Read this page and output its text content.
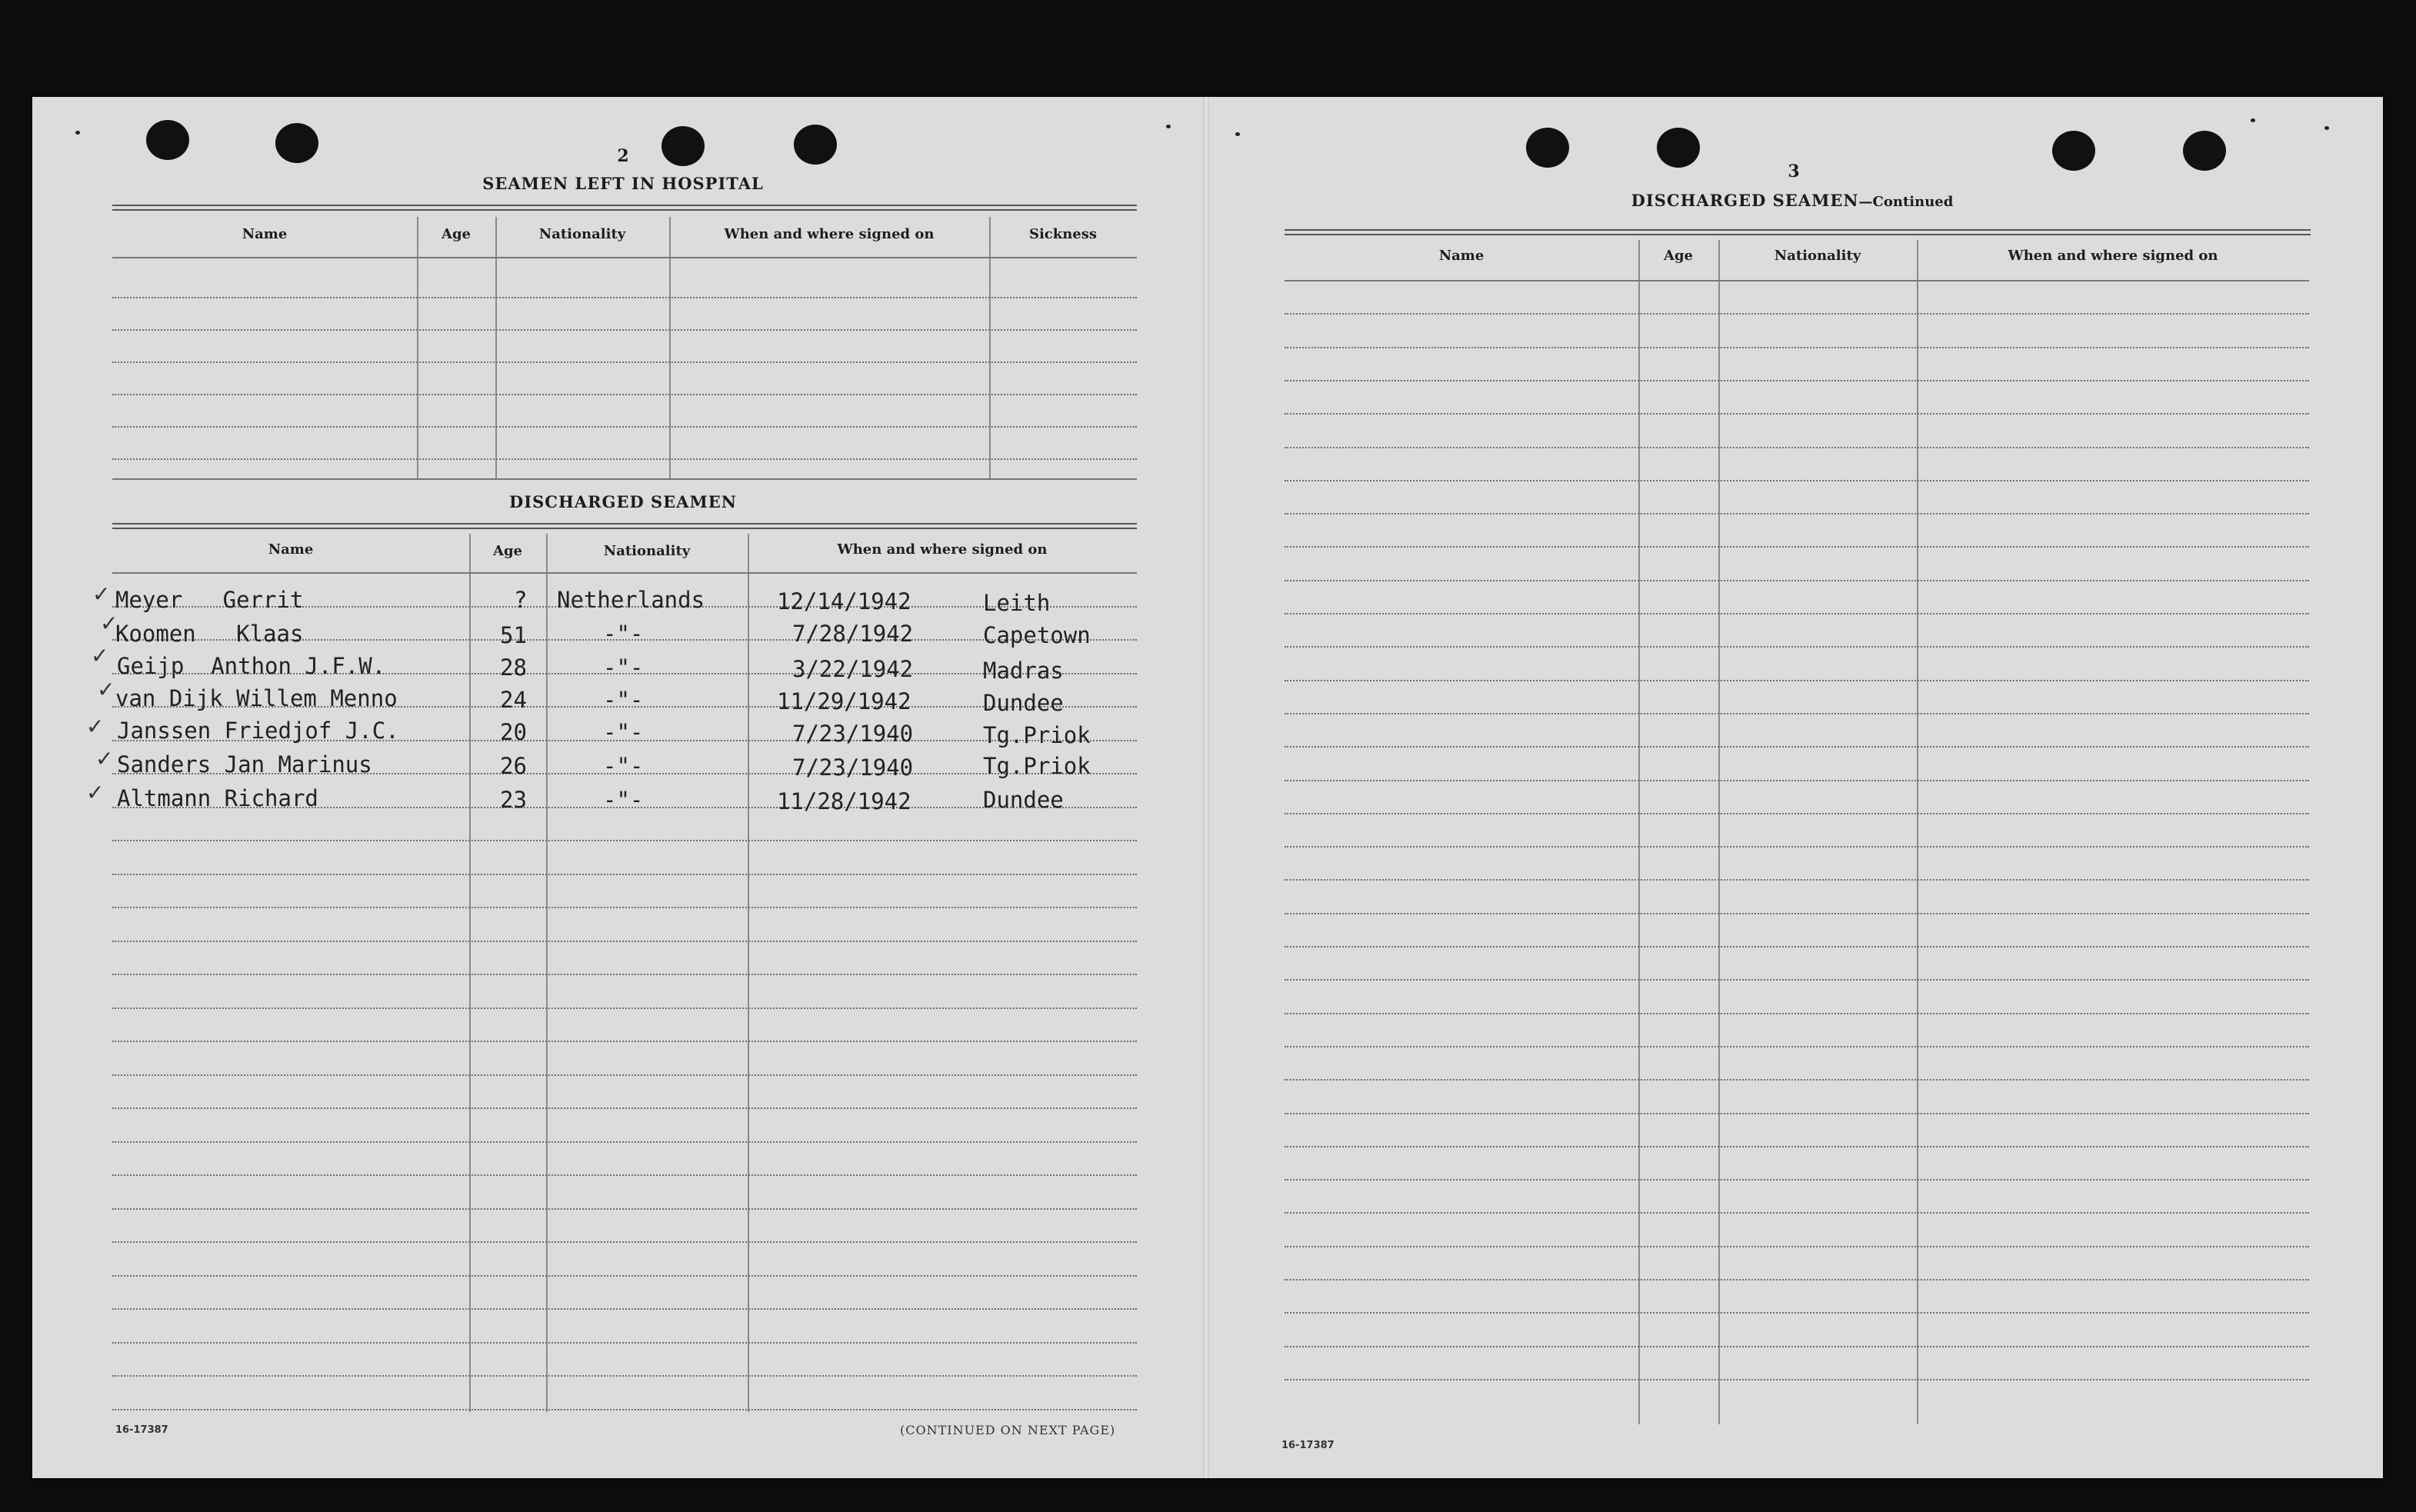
2
SEAMEN LEFT IN HOSPITAL
Name	Age	Nationality	When and where signed on	Sickness
DISCHARGED SEAMEN
Name	Age	Nationality	When and where signed on
✓
✓
✓
✓
✓
✓
✓
Meyer   Gerrit	? Netherlands	12/14/1942	Leith
Koomen   Klaas	51	-"-	7/28/1942	Capetown
Geijp  Anthon J.F.W.	28	-"-	3/22/1942	Madras
van Dijk Willem Menno	24	-"-	11/29/1942	Dundee
Janssen Friedjof J.C.	20	-"-	7/23/1940	Tg.Priok
Sanders Jan Marinus	26	-"-	7/23/1940	Tg.Priok
Altmann Richard	23	-"-	11/28/1942	Dundee
16-17387	(CONTINUED ON NEXT PAGE)
3
DISCHARGED SEAMEN—Continued
Name	Age	Nationality	When and where signed on
16-17387
